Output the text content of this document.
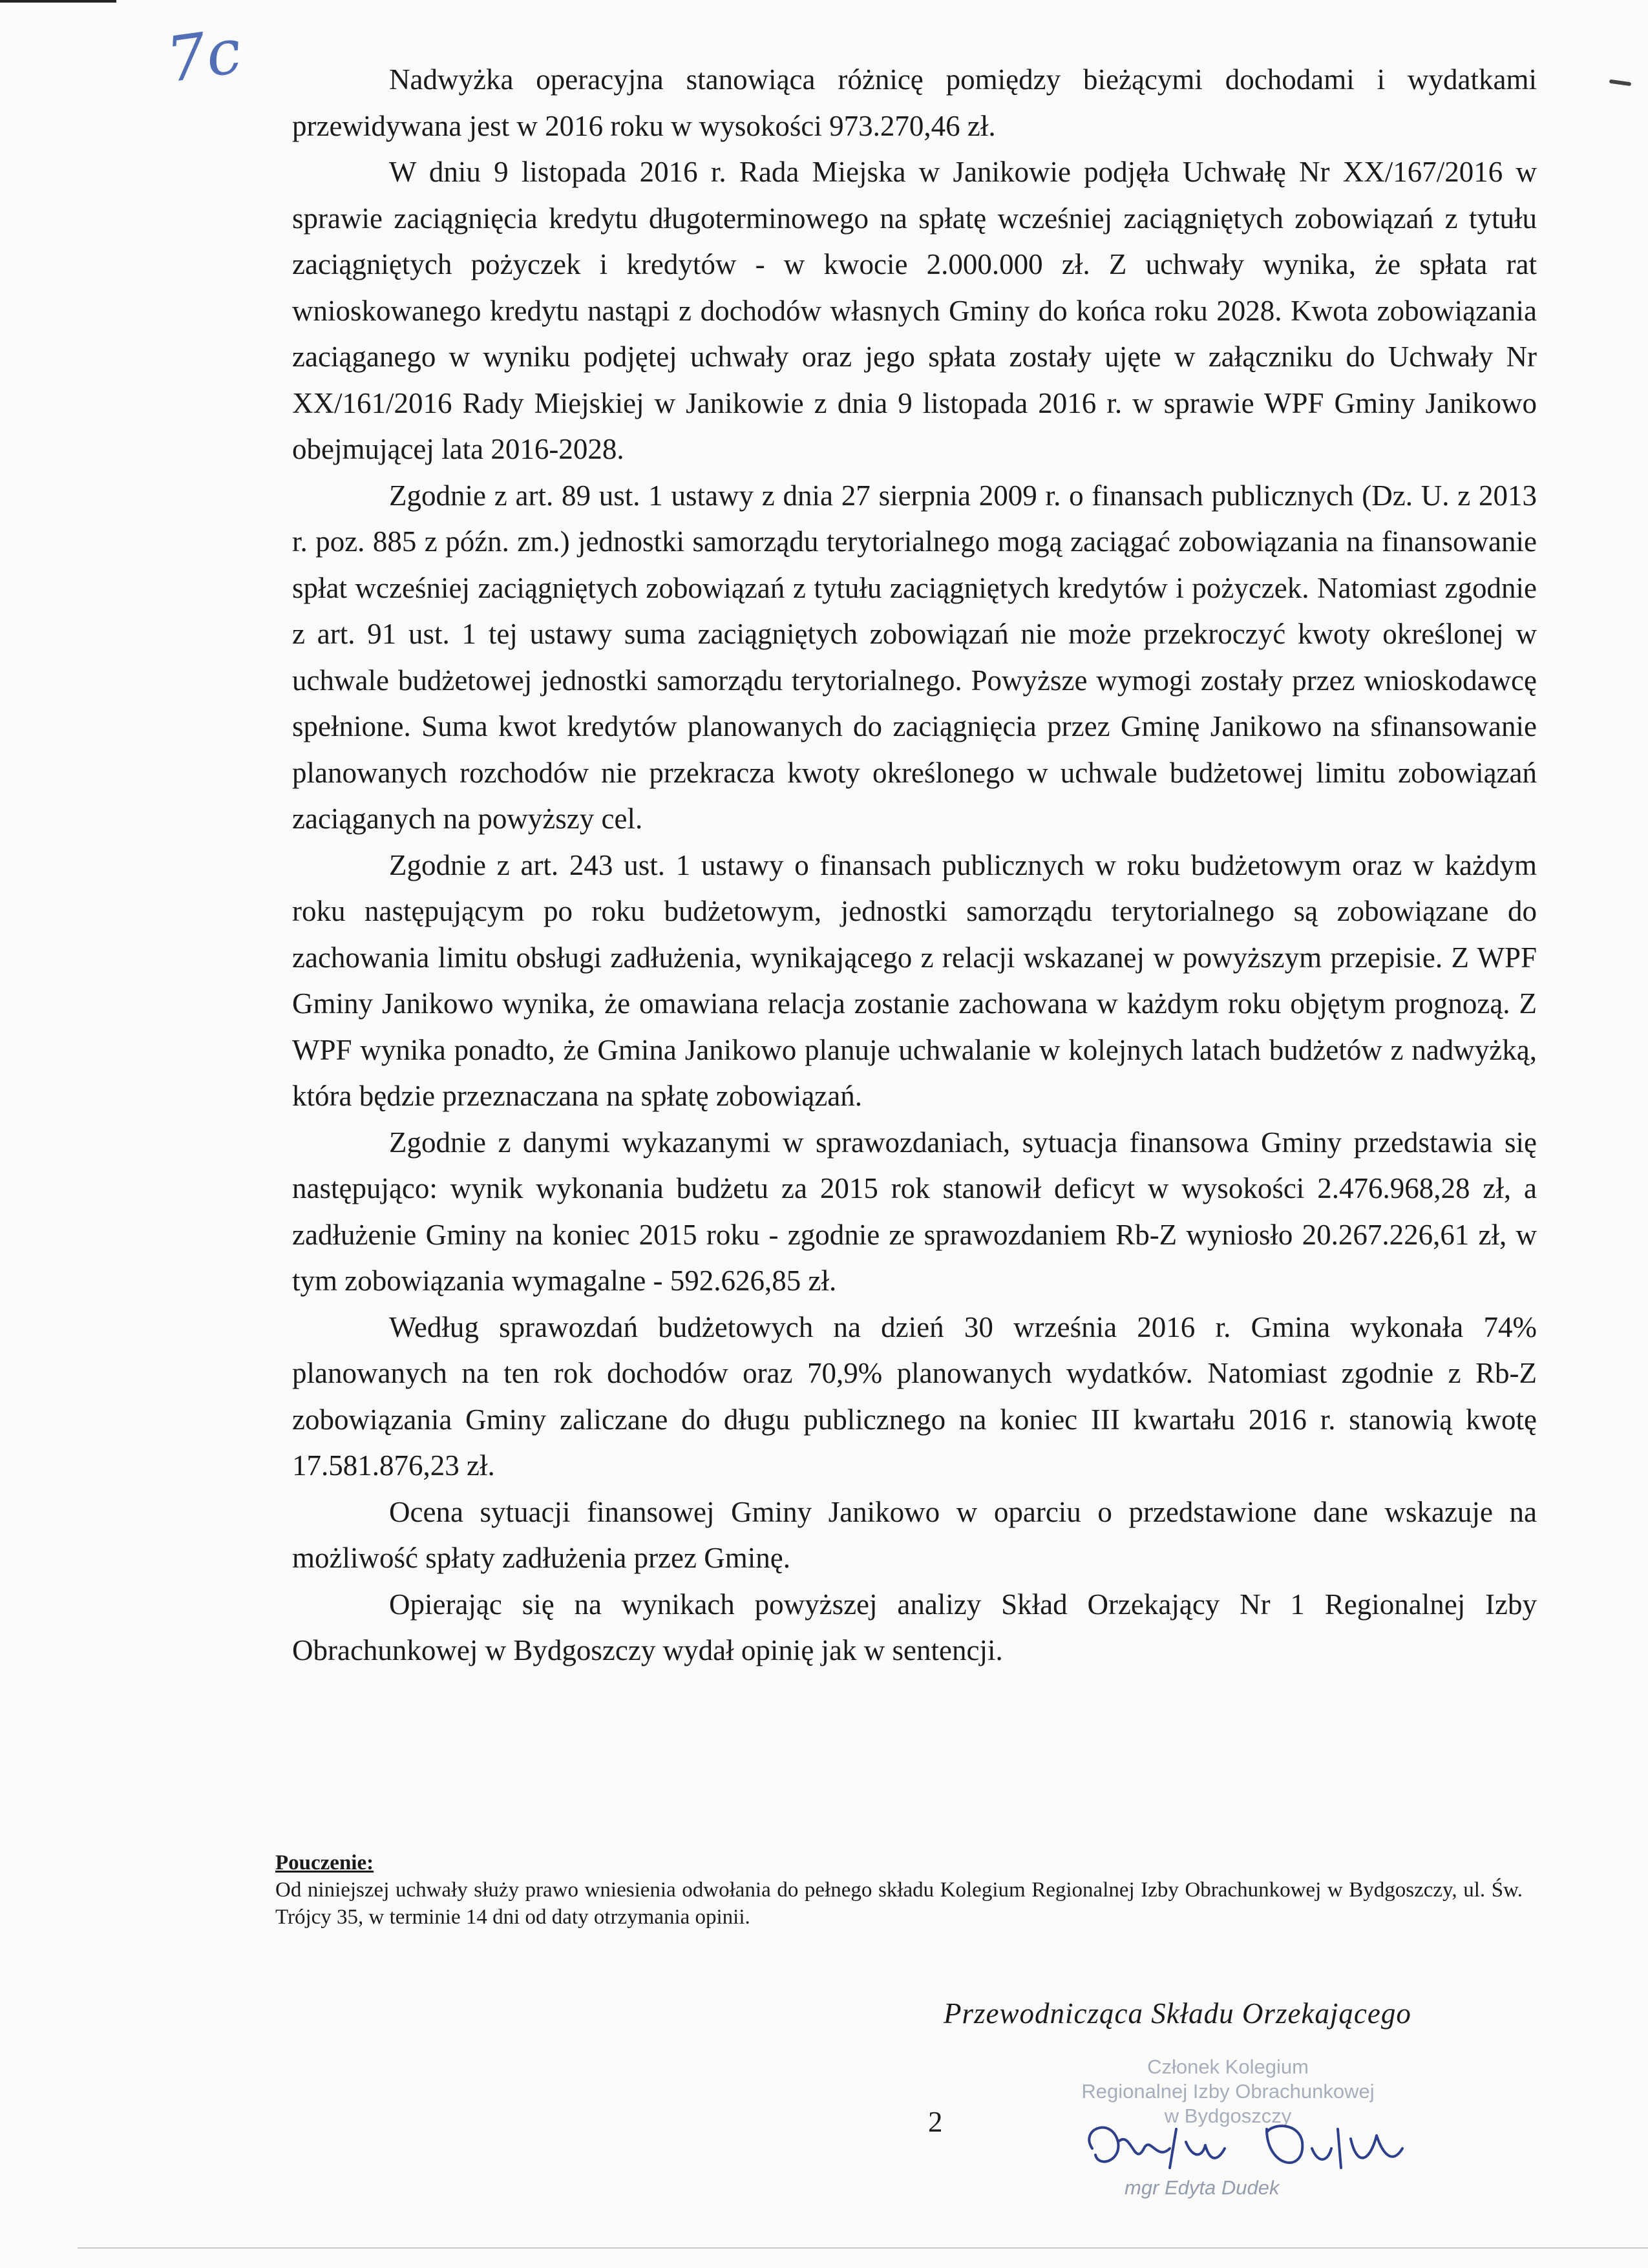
7c	Nadwyżka operacyjna stanowiąca różnicę pomiędzy bieżącymi dochodami i wydatkami przewidywana jest w 2016 roku w wysokości 973.270,46 zł.

W dniu 9 listopada 2016 r. Rada Miejska w Janikowie podjęła Uchwałę Nr XX/167/2016 w sprawie zaciągnięcia kredytu długoterminowego na spłatę wcześniej zaciągniętych zobowiązań z tytułu zaciągniętych pożyczek i kredytów - w kwocie 2.000.000 zł. Z uchwały wynika, że spłata rat wnioskowanego kredytu nastąpi z dochodów własnych Gminy do końca roku 2028. Kwota zobowiązania zaciąganego w wyniku podjętej uchwały oraz jego spłata zostały ujęte w załączniku do Uchwały Nr XX/161/2016 Rady Miejskiej w Janikowie z dnia 9 listopada 2016 r. w sprawie WPF Gminy Janikowo obejmującej lata 2016-2028.

Zgodnie z art. 89 ust. 1 ustawy z dnia 27 sierpnia 2009 r. o finansach publicznych (Dz. U. z 2013 r. poz. 885 z późn. zm.) jednostki samorządu terytorialnego mogą zaciągać zobowiązania na finansowanie spłat wcześniej zaciągniętych zobowiązań z tytułu zaciągniętych kredytów i pożyczek. Natomiast zgodnie z art. 91 ust. 1 tej ustawy suma zaciągniętych zobowiązań nie może przekroczyć kwoty określonej w uchwale budżetowej jednostki samorządu terytorialnego. Powyższe wymogi zostały przez wnioskodawcę spełnione. Suma kwot kredytów planowanych do zaciągnięcia przez Gminę Janikowo na sfinansowanie planowanych rozchodów nie przekracza kwoty określonego w uchwale budżetowej limitu zobowiązań zaciąganych na powyższy cel.

Zgodnie z art. 243 ust. 1 ustawy o finansach publicznych w roku budżetowym oraz w każdym roku następującym po roku budżetowym, jednostki samorządu terytorialnego są zobowiązane do zachowania limitu obsługi zadłużenia, wynikającego z relacji wskazanej w powyższym przepisie. Z WPF Gminy Janikowo wynika, że omawiana relacja zostanie zachowana w każdym roku objętym prognozą. Z WPF wynika ponadto, że Gmina Janikowo planuje uchwalanie w kolejnych latach budżetów z nadwyżką, która będzie przeznaczana na spłatę zobowiązań.

Zgodnie z danymi wykazanymi w sprawozdaniach, sytuacja finansowa Gminy przedstawia się następująco: wynik wykonania budżetu za 2015 rok stanowił deficyt w wysokości 2.476.968,28 zł, a zadłużenie Gminy na koniec 2015 roku - zgodnie ze sprawozdaniem Rb-Z wyniosło 20.267.226,61 zł, w tym zobowiązania wymagalne - 592.626,85 zł.

Według sprawozdań budżetowych na dzień 30 września 2016 r. Gmina wykonała 74% planowanych na ten rok dochodów oraz 70,9% planowanych wydatków. Natomiast zgodnie z Rb-Z zobowiązania Gminy zaliczane do długu publicznego na koniec III kwartału 2016 r. stanowią kwotę 17.581.876,23 zł.

Ocena sytuacji finansowej Gminy Janikowo w oparciu o przedstawione dane wskazuje na możliwość spłaty zadłużenia przez Gminę.

Opierając się na wynikach powyższej analizy Skład Orzekający Nr 1 Regionalnej Izby Obrachunkowej w Bydgoszczy wydał opinię jak w sentencji.

Pouczenie:
Od niniejszej uchwały służy prawo wniesienia odwołania do pełnego składu Kolegium Regionalnej Izby Obrachunkowej w Bydgoszczy, ul. Św. Trójcy 35, w terminie 14 dni od daty otrzymania opinii.
Przewodnicząca Składu Orzekającego
Członek Kolegium
Regionalnej Izby Obrachunkowej
w Bydgoszczy
mgr Edyta Dudek
2
